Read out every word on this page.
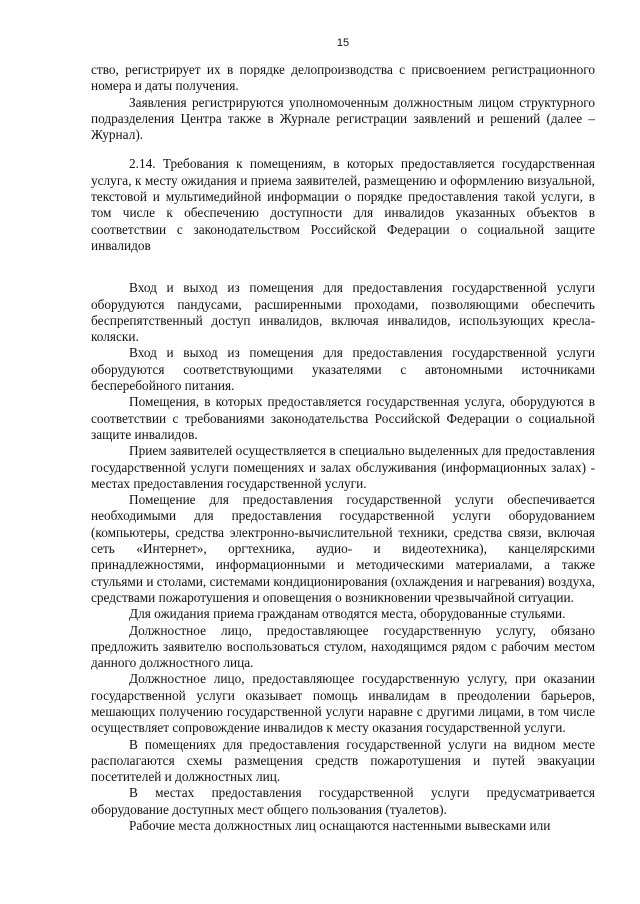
15

ство, регистрирует их в порядке делопроизводства с присвоением регистрационного номера и даты получения.

Заявления регистрируются уполномоченным должностным лицом структурного подразделения Центра также в Журнале регистрации заявлений и решений (далее – Журнал).

2.14. Требования к помещениям, в которых предоставляется государственная услуга, к месту ожидания и приема заявителей, размещению и оформлению визуальной, текстовой и мультимедийной информации о порядке предоставления такой услуги, в том числе к обеспечению доступности для инвалидов указанных объектов в соответствии с законодательством Российской Федерации о социальной защите инвалидов

Вход и выход из помещения для предоставления государственной услуги оборудуются пандусами, расширенными проходами, позволяющими обеспечить беспрепятственный доступ инвалидов, включая инвалидов, использующих кресла-коляски.

Вход и выход из помещения для предоставления государственной услуги оборудуются соответствующими указателями с автономными источниками бесперебойного питания.

Помещения, в которых предоставляется государственная услуга, оборудуются в соответствии с требованиями законодательства Российской Федерации о социальной защите инвалидов.

Прием заявителей осуществляется в специально выделенных для предоставления государственной услуги помещениях и залах обслуживания (информационных залах) - местах предоставления государственной услуги.

Помещение для предоставления государственной услуги обеспечивается необходимыми для предоставления государственной услуги оборудованием (компьютеры, средства электронно-вычислительной техники, средства связи, включая сеть «Интернет», оргтехника, аудио- и видеотехника), канцелярскими принадлежностями, информационными и методическими материалами, а также стульями и столами, системами кондиционирования (охлаждения и нагревания) воздуха, средствами пожаротушения и оповещения о возникновении чрезвычайной ситуации.

Для ожидания приема гражданам отводятся места, оборудованные стульями.

Должностное лицо, предоставляющее государственную услугу, обязано предложить заявителю воспользоваться стулом, находящимся рядом с рабочим местом данного должностного лица.

Должностное лицо, предоставляющее государственную услугу, при оказании государственной услуги оказывает помощь инвалидам в преодолении барьеров, мешающих получению государственной услуги наравне с другими лицами, в том числе осуществляет сопровождение инвалидов к месту оказания государственной услуги.

В помещениях для предоставления государственной услуги на видном месте располагаются схемы размещения средств пожаротушения и путей эвакуации посетителей и должностных лиц.

В местах предоставления государственной услуги предусматривается оборудование доступных мест общего пользования (туалетов).

Рабочие места должностных лиц оснащаются настенными вывесками или
